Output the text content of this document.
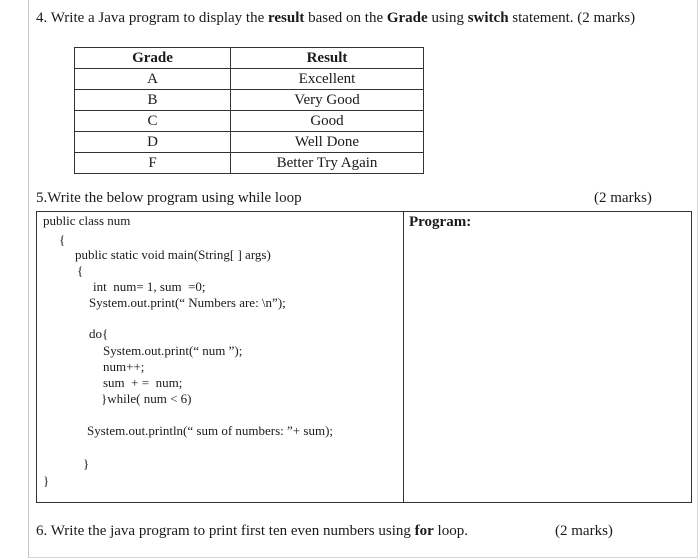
4. Write a Java program to display the result based on the Grade using switch statement. (2 marks)
Grade	Result
A	Excellent
B	Very Good
C	Good
D	Well Done
F	Better Try Again
5.Write the below program using while loop	(2 marks)
Program:
public class num
{
public static void main(String[ ] args)
{
int  num= 1, sum  =0;
System.out.print(“ Numbers are: \n”);
do{
System.out.print(“ num ”);
num++;
sum  + =  num;
}while( num < 6)
System.out.println(“ sum of numbers: ”+ sum);
}
}
6. Write the java program to print first ten even numbers using for loop.	(2 marks)
